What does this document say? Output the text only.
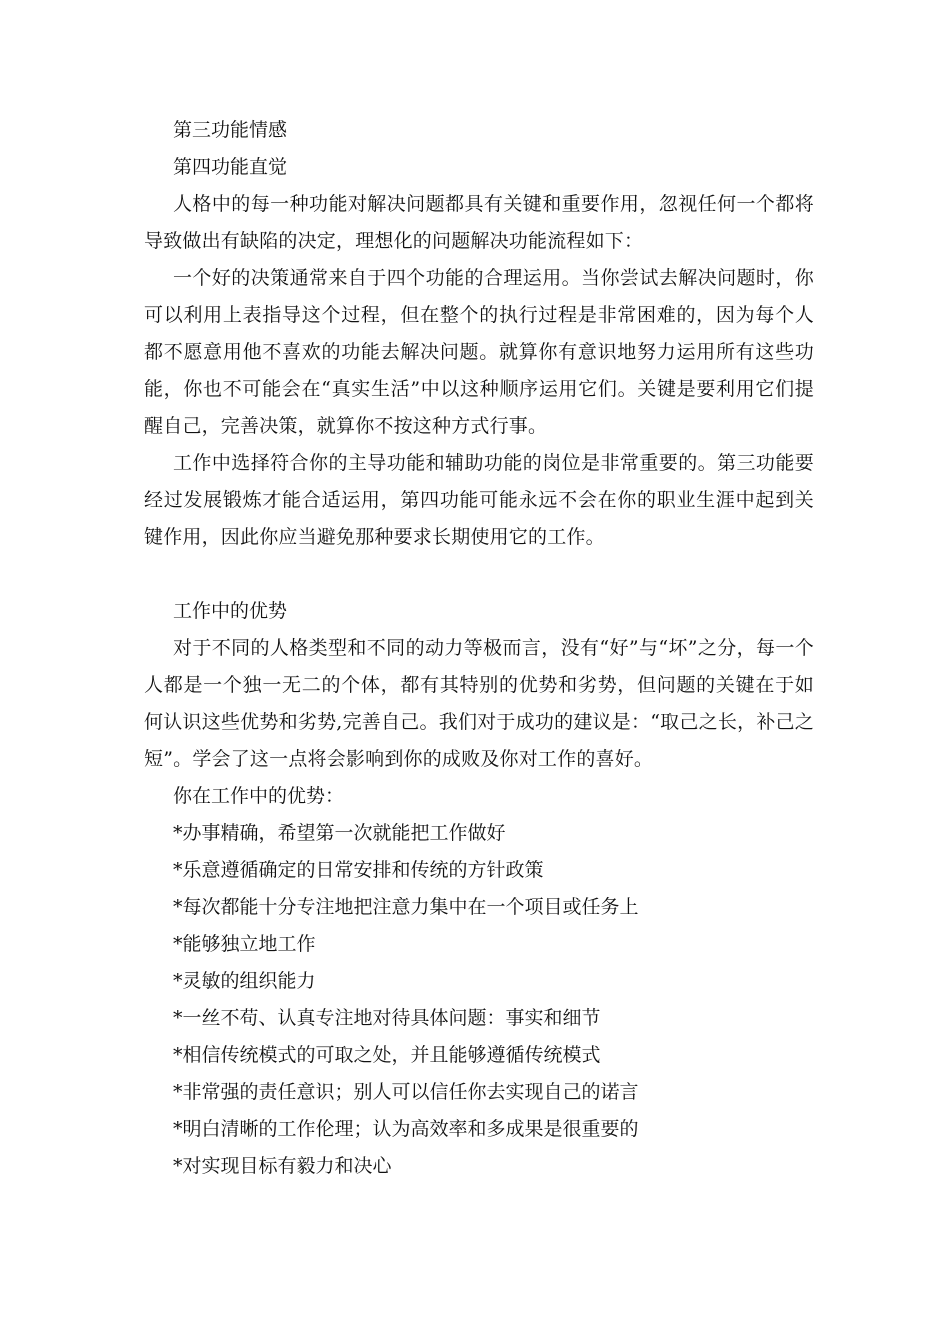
第三功能情感

第四功能直觉

人格中的每一种功能对解决问题都具有关键和重要作用，忽视任何一个都将导致做出有缺陷的决定，理想化的问题解决功能流程如下：

一个好的决策通常来自于四个功能的合理运用。当你尝试去解决问题时，你可以利用上表指导这个过程，但在整个的执行过程是非常困难的，因为每个人都不愿意用他不喜欢的功能去解决问题。就算你有意识地努力运用所有这些功能，你也不可能会在“真实生活”中以这种顺序运用它们。关键是要利用它们提醒自己，完善决策，就算你不按这种方式行事。

工作中选择符合你的主导功能和辅助功能的岗位是非常重要的。第三功能要经过发展锻炼才能合适运用，第四功能可能永远不会在你的职业生涯中起到关键作用，因此你应当避免那种要求长期使用它的工作。

工作中的优势

对于不同的人格类型和不同的动力等极而言，没有“好”与“坏”之分，每一个人都是一个独一无二的个体，都有其特别的优势和劣势，但问题的关键在于如何认识这些优势和劣势,完善自己。我们对于成功的建议是：“取己之长，补己之短”。学会了这一点将会影响到你的成败及你对工作的喜好。

你在工作中的优势：

*办事精确，希望第一次就能把工作做好

*乐意遵循确定的日常安排和传统的方针政策

*每次都能十分专注地把注意力集中在一个项目或任务上

*能够独立地工作

*灵敏的组织能力

*一丝不苟、认真专注地对待具体问题：事实和细节

*相信传统模式的可取之处，并且能够遵循传统模式

*非常强的责任意识；别人可以信任你去实现自己的诺言

*明白清晰的工作伦理；认为高效率和多成果是很重要的

*对实现目标有毅力和决心
